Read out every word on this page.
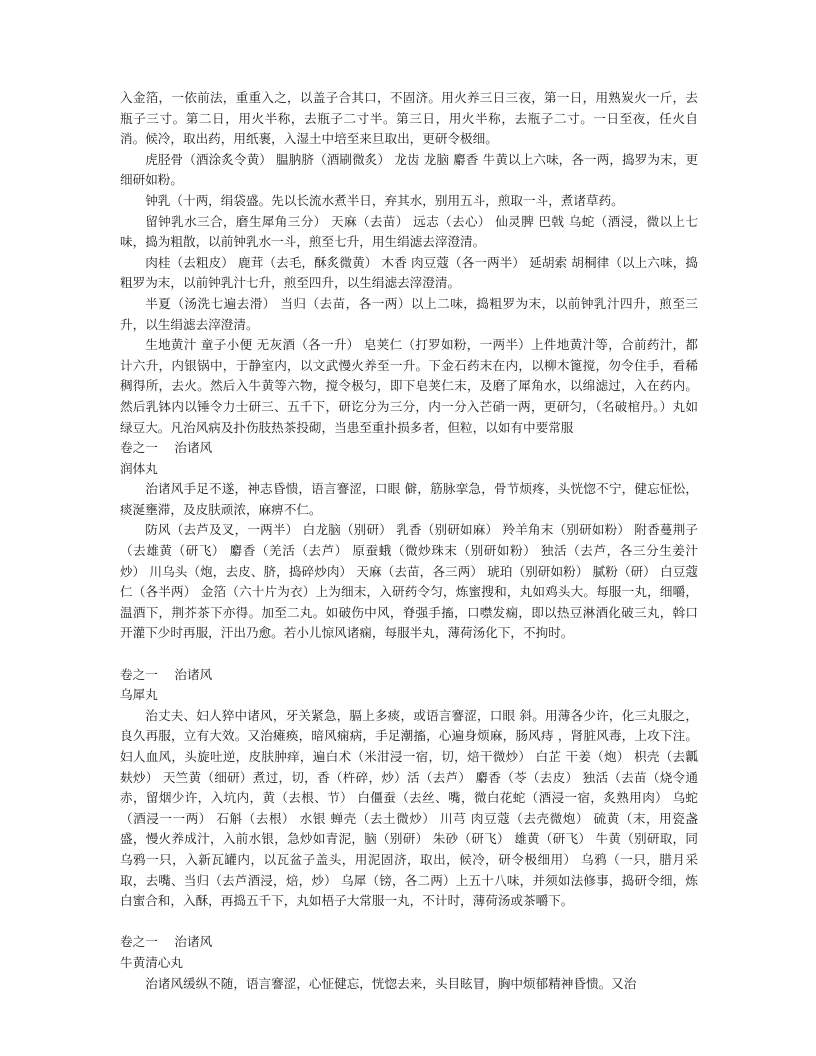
入金箔，一依前法，重重入之，以盖子合其口，不固济。用火养三日三夜，第一日，用熟炭火一斤，去瓶子三寸。第二日，用火半称，去瓶子二寸半。第三日，用火半称，去瓶子二寸。一日至夜，任火自消。候冷，取出药，用纸裹，入湿土中培至来旦取出，更研令极细。

虎胫骨（酒涂炙令黄） 腽肭脐（酒刷微炙） 龙齿 龙脑 麝香 牛黄以上六味，各一两，捣罗为末，更细研如粉。

钟乳（十两，绢袋盛。先以长流水煮半日，弃其水，别用五斗，煎取一斗，煮诸草药。

留钟乳水三合，磨生犀角三分） 天麻（去苗） 远志（去心） 仙灵脾 巴戟 乌蛇（酒浸，微以上七味，捣为粗散，以前钟乳水一斗，煎至七升，用生绢滤去滓澄清。

肉桂（去粗皮） 鹿茸（去毛，酥炙微黄） 木香 肉豆蔻（各一两半） 延胡索 胡桐律（以上六味，捣粗罗为末，以前钟乳汁七升，煎至四升，以生绢滤去滓澄清。

半夏（汤洗七遍去滑） 当归（去苗，各一两）以上二味，捣粗罗为末，以前钟乳汁四升，煎至三升，以生绢滤去滓澄清。

生地黄汁 童子小便 无灰酒（各一升） 皂荚仁（打罗如粉，一两半）上件地黄汁等，合前药汁，都计六升，内银锅中，于静室内，以文武慢火养至一升。下金石药末在内，以柳木篦搅，勿令住手，看稀稠得所，去火。然后入牛黄等六物，搅令极匀，即下皂荚仁末，及磨了犀角水，以绵滤过，入在药内。然后乳钵内以锤令力士研三、五千下，研讫分为三分，内一分入芒硝一两，更研匀，（名破棺丹。）丸如绿豆大。凡治风病及扑伤肢热茶投砌，当患至重扑损多者，但粒，以如有中要常服

卷之一　 治诸风

润体丸

治诸风手足不遂，神志昏愦，语言謇涩，口眼 僻，筋脉挛急，骨节烦疼，头恍惚不宁，健忘怔忪，痰涎壅滞，及皮肤顽浓，麻痹不仁。

防风（去芦及叉，一两半） 白龙脑（别研） 乳香（别研如麻） 羚羊角末（别研如粉） 附香蔓荆子（去雄黄（研飞） 麝香（羌活（去芦） 原蚕蛾（微炒珠末（别研如粉） 独活（去芦，各三分生姜汁炒） 川乌头（炮，去皮、脐，捣碎炒肉） 天麻（去苗，各三两） 琥珀（别研如粉） 腻粉（研） 白豆蔻仁（各半两） 金箔（六十片为衣）上为细末，入研药令匀，炼蜜搜和，丸如鸡头大。每服一丸，细嚼，温酒下，荆芥茶下亦得。加至二丸。如破伤中风，脊强手搐，口噤发痫，即以热豆淋酒化破三丸，斡口开灌下少时再服，汗出乃愈。若小儿惊风诸痫，每服半丸，薄荷汤化下，不拘时。

卷之一　 治诸风

乌犀丸

治丈夫、妇人猝中诸风，牙关紧急，膈上多痰，或语言謇涩，口眼 斜。用薄各少许，化三丸服之，良久再服，立有大效。又治瘫痪，暗风痫病，手足潮搐，心遍身烦麻，肠风痔 ，肾脏风毒，上攻下注。妇人血风，头旋吐逆，皮肤肿痒，遍白术（米泔浸一宿，切，焙干微炒） 白芷 干姜（炮） 枳壳（去瓤麸炒） 天竺黄（细研）煮过，切，香（杵碎，炒）活（去芦） 麝香（苓（去皮） 独活（去苗（烧令通赤，留烟少许，入坑内，黄（去根、节） 白僵蚕（去丝、嘴，微白花蛇（酒浸一宿，炙熟用肉） 乌蛇（酒浸一一两） 石斛（去根） 水银 蝉壳（去土微炒） 川芎 肉豆蔻（去壳微炮） 硫黄（末，用瓷盏盛，慢火养成汁，入前水银，急炒如青泥，脑（别研） 朱砂（研飞） 雄黄（研飞） 牛黄（别研取，同乌鸦一只，入新瓦罐内，以瓦盆子盖头，用泥固济，取出，候冷，研令极细用） 乌鸦（一只，腊月采取，去嘴、当归（去芦酒浸，焙，炒） 乌犀（镑，各二两）上五十八味，并须如法修事，捣研令细，炼白蜜合和，入酥，再捣五千下，丸如梧子大常服一丸，不计时，薄荷汤或茶嚼下。

卷之一　 治诸风

牛黄清心丸

治诸风缓纵不随，语言謇涩，心怔健忘，恍惚去来，头目眩冒，胸中烦郁精神昏愦。又治
